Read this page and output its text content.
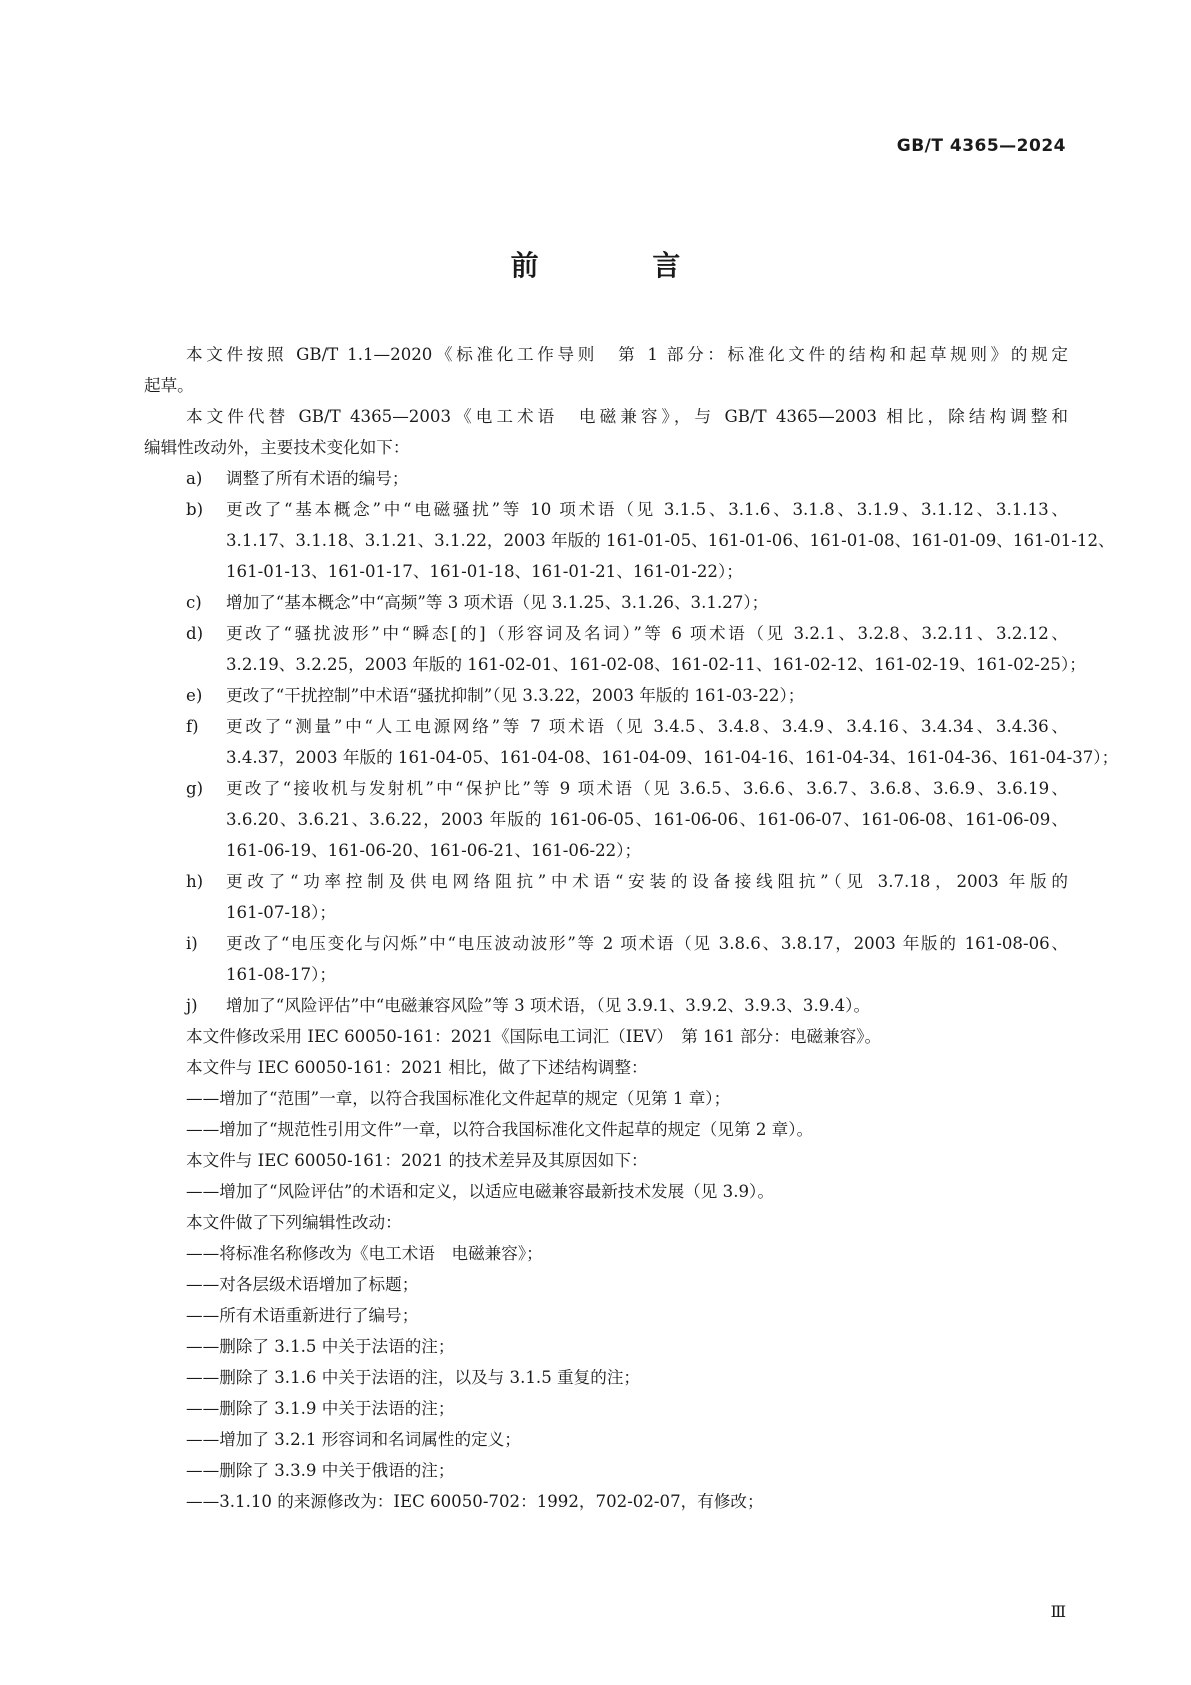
GB/T 4365—2024
前 言
本文件按照 GB/T 1.1—2020《标准化工作导则　第 1 部分：标准化文件的结构和起草规则》的规定
起草。
本文件代替 GB/T 4365—2003《电工术语　电磁兼容》，与 GB/T 4365—2003 相比，除结构调整和
编辑性改动外，主要技术变化如下：
a)	调整了所有术语的编号；
b)	更改了“基本概念”中“电磁骚扰”等 10 项术语（见 3.1.5、3.1.6、3.1.8、3.1.9、3.1.12、3.1.13、
3.1.17、3.1.18、3.1.21、3.1.22，2003 年版的 161-01-05、161-01-06、161-01-08、161-01-09、161-01-12、
161-01-13、161-01-17、161-01-18、161-01-21、161-01-22）；
c)	增加了“基本概念”中“高频”等 3 项术语（见 3.1.25、3.1.26、3.1.27）；
d)	更改了“骚扰波形”中“瞬态[的]（形容词及名词）”等 6 项术语（见 3.2.1、3.2.8、3.2.11、3.2.12、
3.2.19、3.2.25，2003 年版的 161-02-01、161-02-08、161-02-11、161-02-12、161-02-19、161-02-25）；
e)	更改了“干扰控制”中术语“骚扰抑制”（见 3.3.22，2003 年版的 161-03-22）；
f)	更改了“测量”中“人工电源网络”等 7 项术语（见 3.4.5、3.4.8、3.4.9、3.4.16、3.4.34、3.4.36、
3.4.37，2003 年版的 161-04-05、161-04-08、161-04-09、161-04-16、161-04-34、161-04-36、161-04-37）；
g)	更改了“接收机与发射机”中“保护比”等 9 项术语（见 3.6.5、3.6.6、3.6.7、3.6.8、3.6.9、3.6.19、
3.6.20、3.6.21、3.6.22，2003 年版的 161-06-05、161-06-06、161-06-07、161-06-08、161-06-09、
161-06-19、161-06-20、161-06-21、161-06-22）；
h)	更改了“功率控制及供电网络阻抗”中术语“安装的设备接线阻抗”（见 3.7.18，2003 年版的
161-07-18）；
i)	更改了“电压变化与闪烁”中“电压波动波形”等 2 项术语（见 3.8.6、3.8.17，2003 年版的 161-08-06、
161-08-17）；
j)	增加了“风险评估”中“电磁兼容风险”等 3 项术语，（见 3.9.1、3.9.2、3.9.3、3.9.4）。
本文件修改采用 IEC 60050-161：2021《国际电工词汇（IEV）　第 161 部分：电磁兼容》。
本文件与 IEC 60050-161：2021 相比，做了下述结构调整：
——增加了“范围”一章，以符合我国标准化文件起草的规定（见第 1 章）；
——增加了“规范性引用文件”一章，以符合我国标准化文件起草的规定（见第 2 章）。
本文件与 IEC 60050-161：2021 的技术差异及其原因如下：
——增加了“风险评估”的术语和定义，以适应电磁兼容最新技术发展（见 3.9）。
本文件做了下列编辑性改动：
——将标准名称修改为《电工术语　电磁兼容》；
——对各层级术语增加了标题；
——所有术语重新进行了编号；
——删除了 3.1.5 中关于法语的注；
——删除了 3.1.6 中关于法语的注，以及与 3.1.5 重复的注；
——删除了 3.1.9 中关于法语的注；
——增加了 3.2.1 形容词和名词属性的定义；
——删除了 3.3.9 中关于俄语的注；
——3.1.10 的来源修改为：IEC 60050-702：1992，702-02-07，有修改；
Ⅲ
